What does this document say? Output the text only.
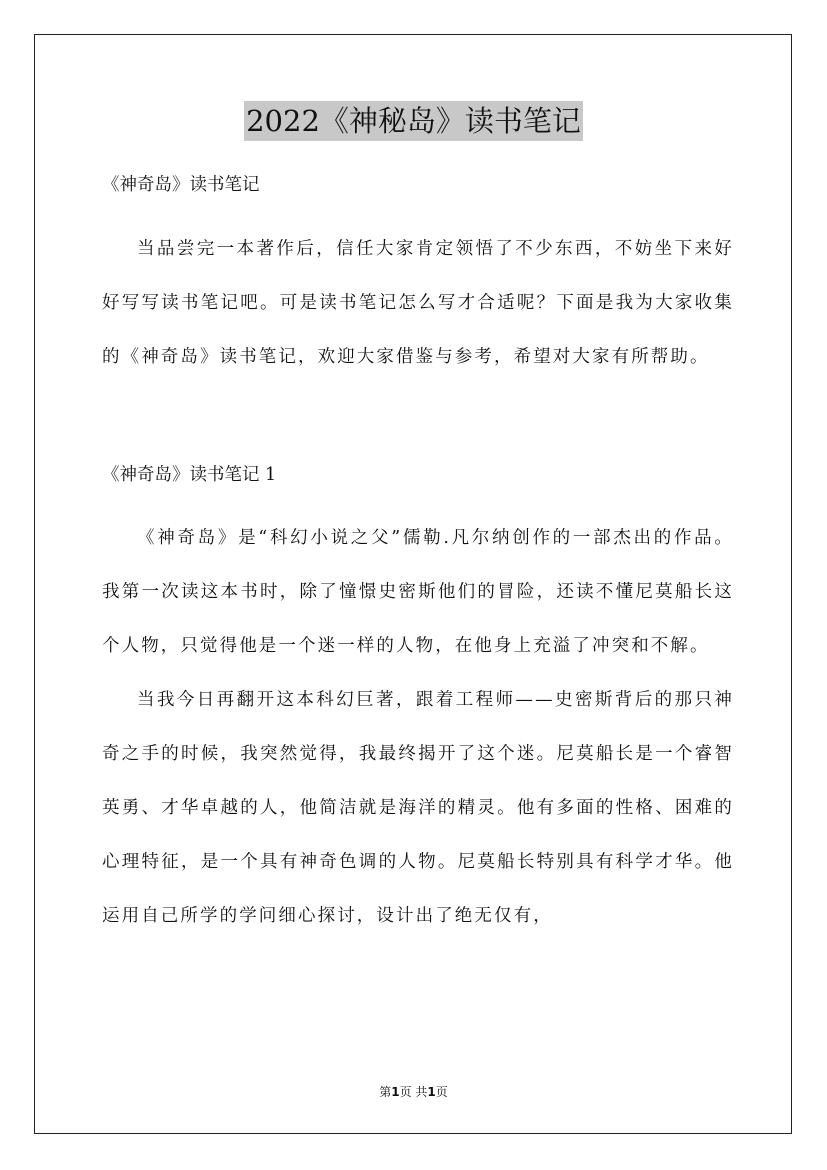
2022《神秘岛》读书笔记

《神奇岛》读书笔记

当品尝完一本著作后，信任大家肯定领悟了不少东西，不妨坐下来好好写写读书笔记吧。可是读书笔记怎么写才合适呢？下面是我为大家收集的《神奇岛》读书笔记，欢迎大家借鉴与参考，希望对大家有所帮助。

《神奇岛》读书笔记 1

《神奇岛》是“科幻小说之父”儒勒.凡尔纳创作的一部杰出的作品。我第一次读这本书时，除了憧憬史密斯他们的冒险，还读不懂尼莫船长这个人物，只觉得他是一个迷一样的人物，在他身上充溢了冲突和不解。

当我今日再翻开这本科幻巨著，跟着工程师——史密斯背后的那只神奇之手的时候，我突然觉得，我最终揭开了这个迷。尼莫船长是一个睿智英勇、才华卓越的人，他简洁就是海洋的精灵。他有多面的性格、困难的心理特征，是一个具有神奇色调的人物。尼莫船长特别具有科学才华。他运用自己所学的学问细心探讨，设计出了绝无仅有，

第1页 共1页
